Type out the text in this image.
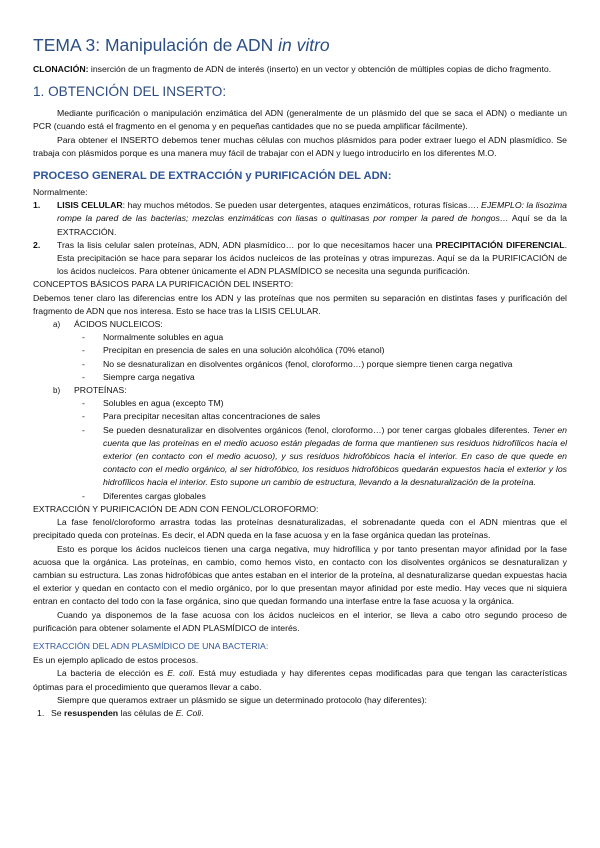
TEMA 3: Manipulación de ADN in vitro

CLONACIÓN: inserción de un fragmento de ADN de interés (inserto) en un vector y obtención de múltiples copias de dicho fragmento.

1. OBTENCIÓN DEL INSERTO:

Mediante purificación o manipulación enzimática del ADN (generalmente de un plásmido del que se saca el ADN) o mediante un PCR (cuando está el fragmento en el genoma y en pequeñas cantidades que no se pueda amplificar fácilmente).

Para obtener el INSERTO debemos tener muchas células con muchos plásmidos para poder extraer luego el ADN plasmídico. Se trabaja con plásmidos porque es una manera muy fácil de trabajar con el ADN y luego introducirlo en los diferentes M.O.

PROCESO GENERAL DE EXTRACCIÓN y PURIFICACIÓN DEL ADN:

Normalmente:

1. LISIS CELULAR: hay muchos métodos. Se pueden usar detergentes, ataques enzimáticos, roturas físicas…. EJEMPLO: la lisozima rompe la pared de las bacterias; mezclas enzimáticas con liasas o quitinasas por romper la pared de hongos… Aquí se da la EXTRACCIÓN.
2. Tras la lisis celular salen proteínas, ADN, ADN plasmídico… por lo que necesitamos hacer una PRECIPITACIÓN DIFERENCIAL. Esta precipitación se hace para separar los ácidos nucleicos de las proteínas y otras impurezas. Aquí se da la PURIFICACIÓN de los ácidos nucleicos. Para obtener únicamente el ADN PLASMÍDICO se necesita una segunda purificación.

CONCEPTOS BÁSICOS PARA LA PURIFICACIÓN DEL INSERTO:

Debemos tener claro las diferencias entre los ADN y las proteínas que nos permiten su separación en distintas fases y purificación del fragmento de ADN que nos interesa. Esto se hace tras la LISIS CELULAR.

a) ÁCIDOS NUCLEICOS:

- Normalmente solubles en agua
- Precipitan en presencia de sales en una solución alcohólica (70% etanol)
- No se desnaturalizan en disolventes orgánicos (fenol, cloroformo…) porque siempre tienen carga negativa
- Siempre carga negativa

b) PROTEÍNAS:

- Solubles en agua (excepto TM)
- Para precipitar necesitan altas concentraciones de sales
- Se pueden desnaturalizar en disolventes orgánicos (fenol, cloroformo…) por tener cargas globales diferentes. Tener en cuenta que las proteínas en el medio acuoso están plegadas de forma que mantienen sus residuos hidrofílicos hacia el exterior (en contacto con el medio acuoso), y sus residuos hidrofóbicos hacia el interior. En caso de que quede en contacto con el medio orgánico, al ser hidrofóbico, los residuos hidrofóbicos quedarán expuestos hacia el exterior y los hidrofílicos hacia el interior. Esto supone un cambio de estructura, llevando a la desnaturalización de la proteína.
- Diferentes cargas globales

EXTRACCIÓN Y PURIFICACIÓN DE ADN CON FENOL/CLOROFORMO:

La fase fenol/cloroformo arrastra todas las proteínas desnaturalizadas, el sobrenadante queda con el ADN mientras que el precipitado queda con proteínas. Es decir, el ADN queda en la fase acuosa y en la fase orgánica quedan las proteínas.

Esto es porque los ácidos nucleicos tienen una carga negativa, muy hidrofílica y por tanto presentan mayor afinidad por la fase acuosa que la orgánica. Las proteínas, en cambio, como hemos visto, en contacto con los disolventes orgánicos se desnaturalizan y cambian su estructura. Las zonas hidrofóbicas que antes estaban en el interior de la proteína, al desnaturalizarse quedan expuestas hacia el exterior y quedan en contacto con el medio orgánico, por lo que presentan mayor afinidad por este medio. Hay veces que ni siquiera entran en contacto del todo con la fase orgánica, sino que quedan formando una interfase entre la fase acuosa y la orgánica.

Cuando ya disponemos de la fase acuosa con los ácidos nucleicos en el interior, se lleva a cabo otro segundo proceso de purificación para obtener solamente el ADN PLASMÍDICO de interés.

EXTRACCIÓN DEL ADN PLASMÍDICO DE UNA BACTERIA:

Es un ejemplo aplicado de estos procesos.

La bacteria de elección es E. coli. Está muy estudiada y hay diferentes cepas modificadas para que tengan las características óptimas para el procedimiento que queramos llevar a cabo.

Siempre que queramos extraer un plásmido se sigue un determinado protocolo (hay diferentes):

1. Se resuspenden las células de E. Coli.
